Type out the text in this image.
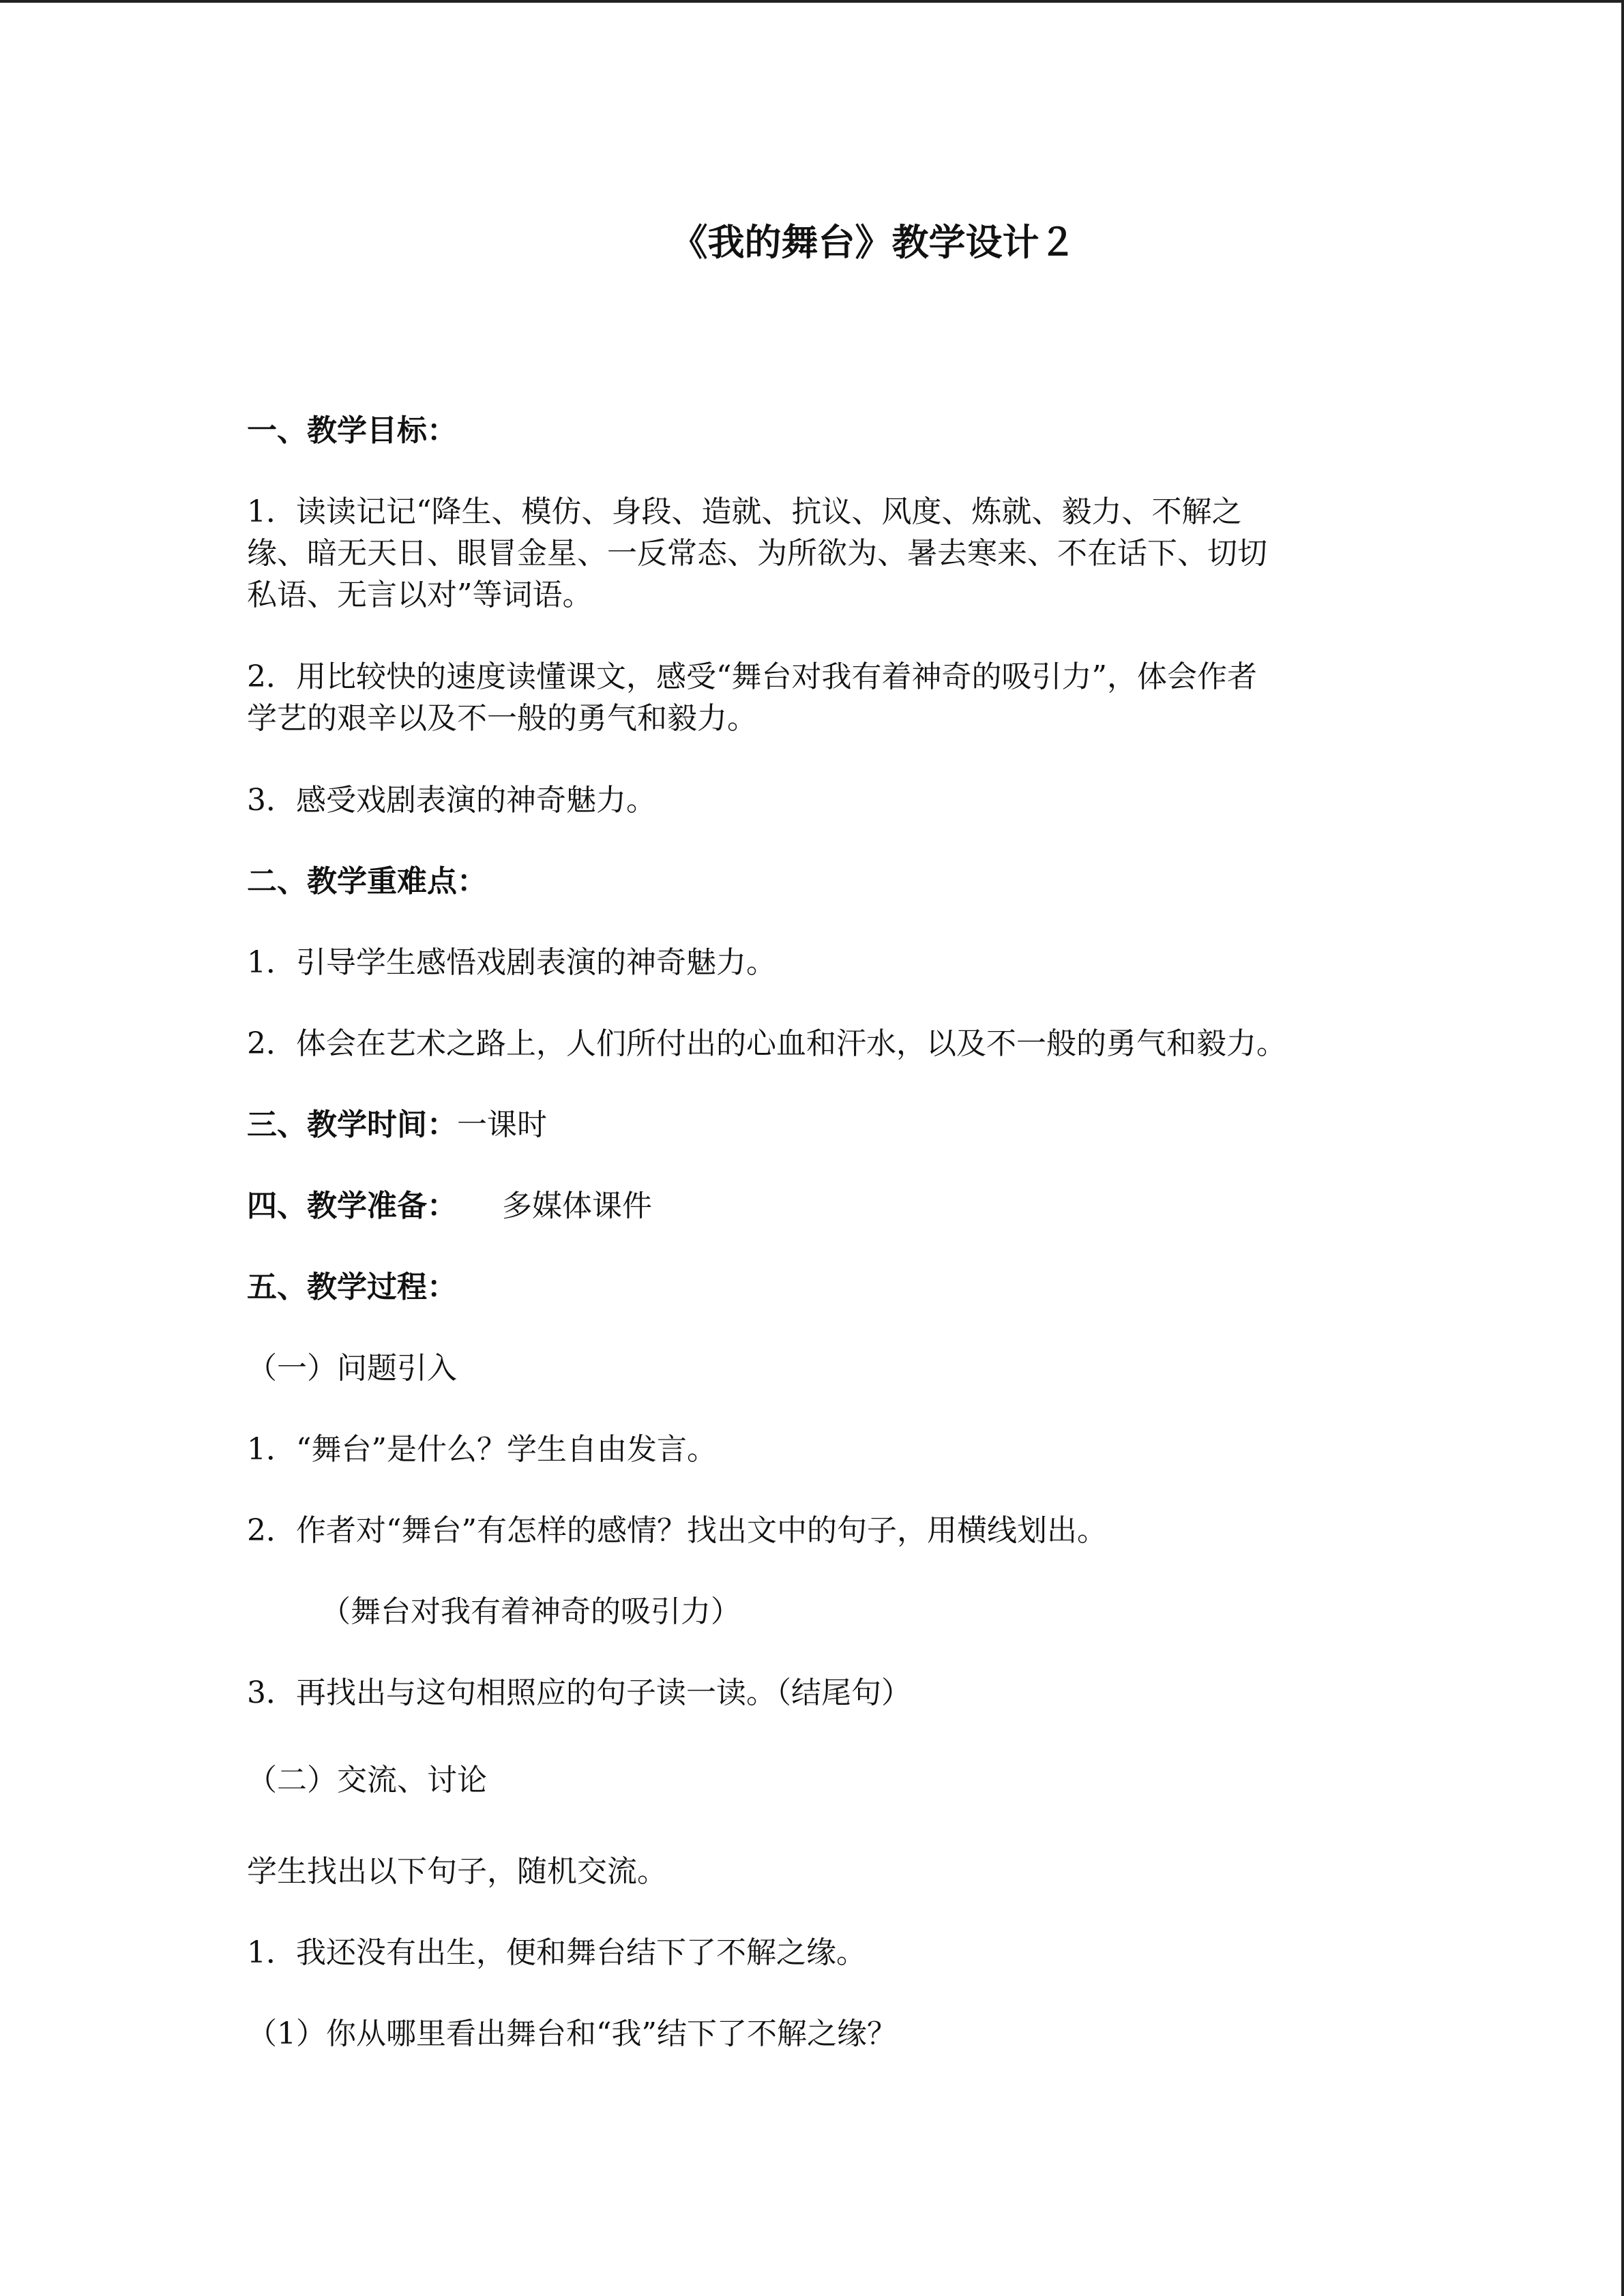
《我的舞台》教学设计２
一、教学目标：
1．读读记记“降生、模仿、身段、造就、抗议、风度、炼就、毅力、不解之
缘、暗无天日、眼冒金星、一反常态、为所欲为、暑去寒来、不在话下、切切
私语、无言以对”等词语。
2．用比较快的速度读懂课文，感受“舞台对我有着神奇的吸引力”，体会作者
学艺的艰辛以及不一般的勇气和毅力。
3．感受戏剧表演的神奇魅力。
二、教学重难点：
1．引导学生感悟戏剧表演的神奇魅力。
2．体会在艺术之路上，人们所付出的心血和汗水，以及不一般的勇气和毅力。
三、教学时间：一课时
四、教学准备： 多媒体课件
五、教学过程：
（一）问题引入
1．“舞台”是什么？学生自由发言。
2．作者对“舞台”有怎样的感情？找出文中的句子，用横线划出。
（舞台对我有着神奇的吸引力）
3．再找出与这句相照应的句子读一读。（结尾句）
（二）交流、讨论
学生找出以下句子，随机交流。
1．我还没有出生，便和舞台结下了不解之缘。
（1）你从哪里看出舞台和“我”结下了不解之缘？
